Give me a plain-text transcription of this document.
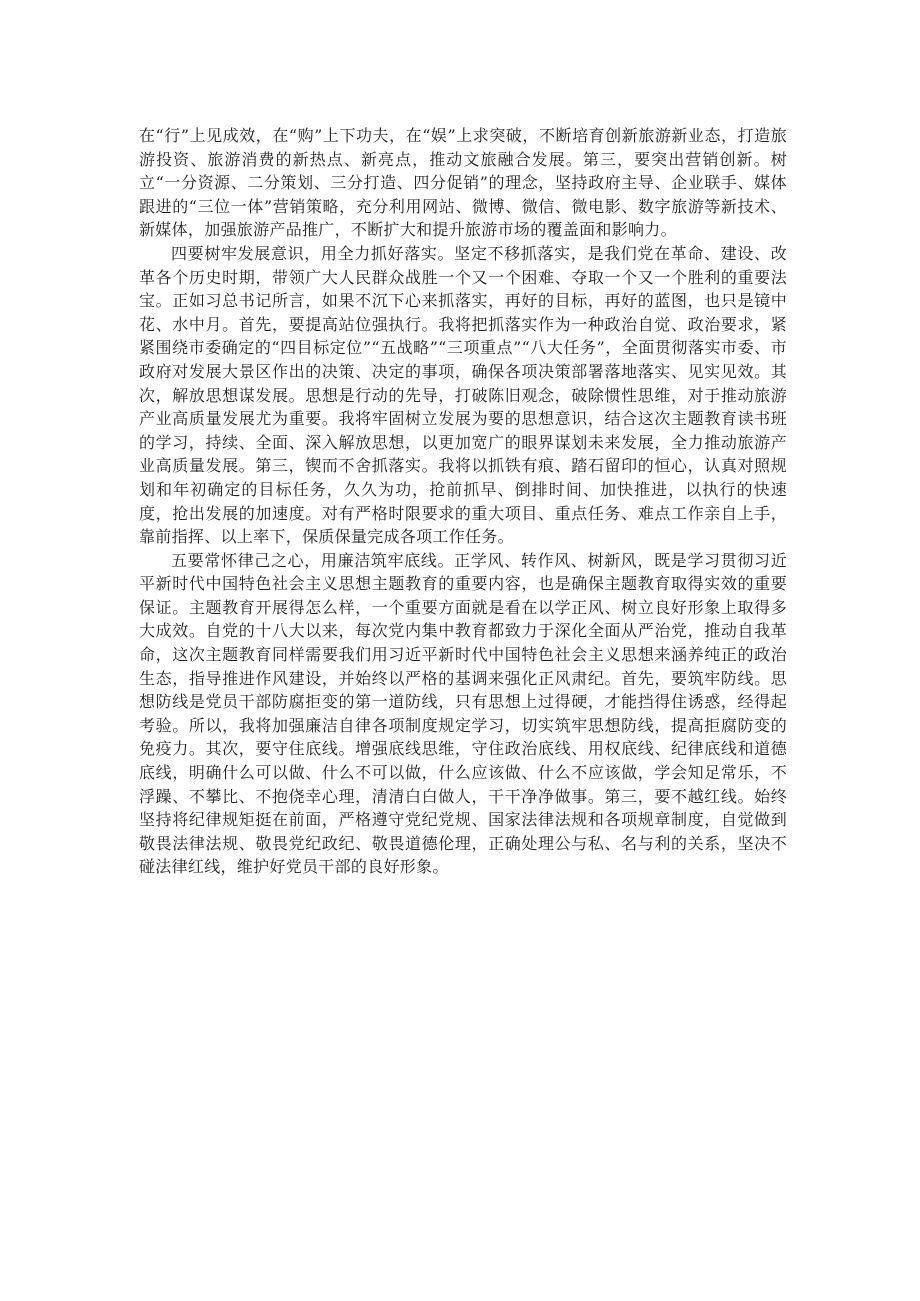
在“行”上见成效，在“购”上下功夫，在“娱”上求突破，不断培育创新旅游新业态，打造旅游投资、旅游消费的新热点、新亮点，推动文旅融合发展。第三，要突出营销创新。树立“一分资源、二分策划、三分打造、四分促销”的理念，坚持政府主导、企业联手、媒体跟进的“三位一体”营销策略，充分利用网站、微博、微信、微电影、数字旅游等新技术、新媒体，加强旅游产品推广，不断扩大和提升旅游市场的覆盖面和影响力。

四要树牢发展意识，用全力抓好落实。坚定不移抓落实，是我们党在革命、建设、改革各个历史时期，带领广大人民群众战胜一个又一个困难、夺取一个又一个胜利的重要法宝。正如习总书记所言，如果不沉下心来抓落实，再好的目标，再好的蓝图，也只是镜中花、水中月。首先，要提高站位强执行。我将把抓落实作为一种政治自觉、政治要求，紧紧围绕市委确定的“四目标定位”“五战略”“三项重点”“八大任务”，全面贯彻落实市委、市政府对发展大景区作出的决策、决定的事项，确保各项决策部署落地落实、见实见效。其次，解放思想谋发展。思想是行动的先导，打破陈旧观念，破除惯性思维，对于推动旅游产业高质量发展尤为重要。我将牢固树立发展为要的思想意识，结合这次主题教育读书班的学习，持续、全面、深入解放思想，以更加宽广的眼界谋划未来发展，全力推动旅游产业高质量发展。第三，锲而不舍抓落实。我将以抓铁有痕、踏石留印的恒心，认真对照规划和年初确定的目标任务，久久为功，抢前抓早、倒排时间、加快推进，以执行的快速度，抢出发展的加速度。对有严格时限要求的重大项目、重点任务、难点工作亲自上手，靠前指挥、以上率下，保质保量完成各项工作任务。

五要常怀律己之心，用廉洁筑牢底线。正学风、转作风、树新风，既是学习贯彻习近平新时代中国特色社会主义思想主题教育的重要内容，也是确保主题教育取得实效的重要保证。主题教育开展得怎么样，一个重要方面就是看在以学正风、树立良好形象上取得多大成效。自党的十八大以来，每次党内集中教育都致力于深化全面从严治党，推动自我革命，这次主题教育同样需要我们用习近平新时代中国特色社会主义思想来涵养纯正的政治生态，指导推进作风建设，并始终以严格的基调来强化正风肃纪。首先，要筑牢防线。思想防线是党员干部防腐拒变的第一道防线，只有思想上过得硬，才能挡得住诱惑，经得起考验。所以，我将加强廉洁自律各项制度规定学习，切实筑牢思想防线，提高拒腐防变的免疫力。其次，要守住底线。增强底线思维，守住政治底线、用权底线、纪律底线和道德底线，明确什么可以做、什么不可以做，什么应该做、什么不应该做，学会知足常乐，不浮躁、不攀比、不抱侥幸心理，清清白白做人，干干净净做事。第三，要不越红线。始终坚持将纪律规矩挺在前面，严格遵守党纪党规、国家法律法规和各项规章制度，自觉做到敬畏法律法规、敬畏党纪政纪、敬畏道德伦理，正确处理公与私、名与利的关系，坚决不碰法律红线，维护好党员干部的良好形象。
